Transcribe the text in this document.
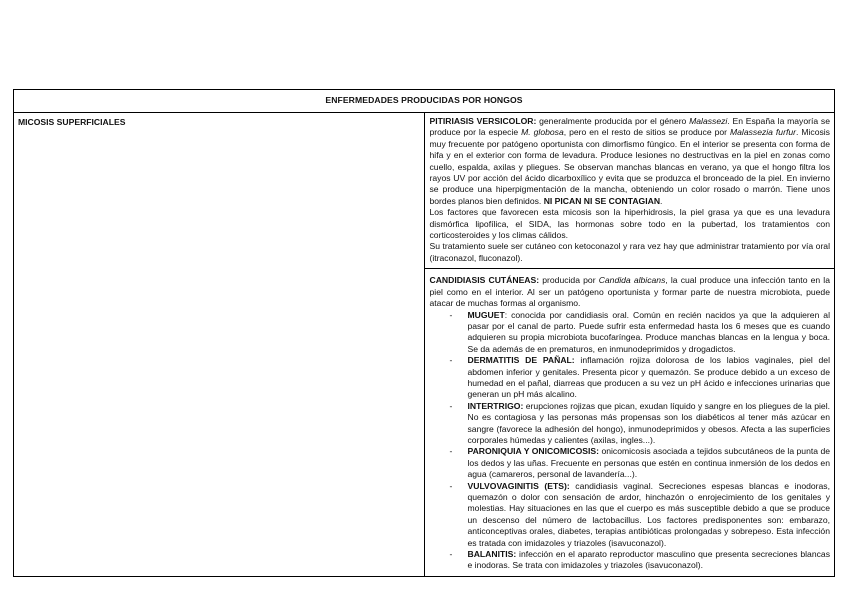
ENFERMEDADES PRODUCIDAS POR HONGOS
MICOSIS SUPERFICIALES	PITIRIASIS VERSICOLOR: generalmente producida por el género Malassezi. En España la mayoría se produce por la especie M. globosa, pero en el resto de sitios se produce por Malassezia furfur. Micosis muy frecuente por patógeno oportunista con dimorfismo fúngico. En el interior se presenta con forma de hifa y en el exterior con forma de levadura. Produce lesiones no destructivas en la piel en zonas como cuello, espalda, axilas y pliegues. Se observan manchas blancas en verano, ya que el hongo filtra los rayos UV por acción del ácido dicarboxílico y evita que se produzca el bronceado de la piel. En invierno se produce una hiperpigmentación de la mancha, obteniendo un color rosado o marrón. Tiene unos bordes planos bien definidos. NI PICAN NI SE CONTAGIAN.

Los factores que favorecen esta micosis son la hiperhidrosis, la piel grasa ya que es una levadura dismórfica lipofílica, el SIDA, las hormonas sobre todo en la pubertad, los tratamientos con corticosteroides y los climas cálidos.

Su tratamiento suele ser cutáneo con ketoconazol y rara vez hay que administrar tratamiento por vía oral (itraconazol, fluconazol).

CANDIDIASIS CUTÁNEAS: producida por Candida albicans, la cual produce una infección tanto en la piel como en el interior. Al ser un patógeno oportunista y formar parte de nuestra microbiota, puede atacar de muchas formas al organismo.

- MUGUET: conocida por candidiasis oral. Común en recién nacidos ya que la adquieren al pasar por el canal de parto. Puede sufrir esta enfermedad hasta los 6 meses que es cuando adquieren su propia microbiota bucofaríngea. Produce manchas blancas en la lengua y boca. Se da además de en prematuros, en inmunodeprimidos y drogadictos.
- DERMATITIS DE PAÑAL: inflamación rojiza dolorosa de los labios vaginales, piel del abdomen inferior y genitales. Presenta picor y quemazón. Se produce debido a un exceso de humedad en el pañal, diarreas que producen a su vez un pH ácido e infecciones urinarias que generan un pH más alcalino.
- INTERTRIGO: erupciones rojizas que pican, exudan líquido y sangre en los pliegues de la piel. No es contagiosa y las personas más propensas son los diabéticos al tener más azúcar en sangre (favorece la adhesión del hongo), inmunodeprimidos y obesos. Afecta a las superficies corporales húmedas y calientes (axilas, ingles...).
- PARONIQUIA Y ONICOMICOSIS: onicomicosis asociada a tejidos subcutáneos de la punta de los dedos y las uñas. Frecuente en personas que estén en continua inmersión de los dedos en agua (camareros, personal de lavandería...).
- VULVOVAGINITIS (ETS): candidiasis vaginal. Secreciones espesas blancas e inodoras, quemazón o dolor con sensación de ardor, hinchazón o enrojecimiento de los genitales y molestias. Hay situaciones en las que el cuerpo es más susceptible debido a que se produce un descenso del número de lactobacillus. Los factores predisponentes son: embarazo, anticonceptivas orales, diabetes, terapias antibióticas prolongadas y sobrepeso. Esta infección es tratada con imidazoles y triazoles (isavuconazol).
- BALANITIS: infección en el aparato reproductor masculino que presenta secreciones blancas e inodoras. Se trata con imidazoles y triazoles (isavuconazol).
